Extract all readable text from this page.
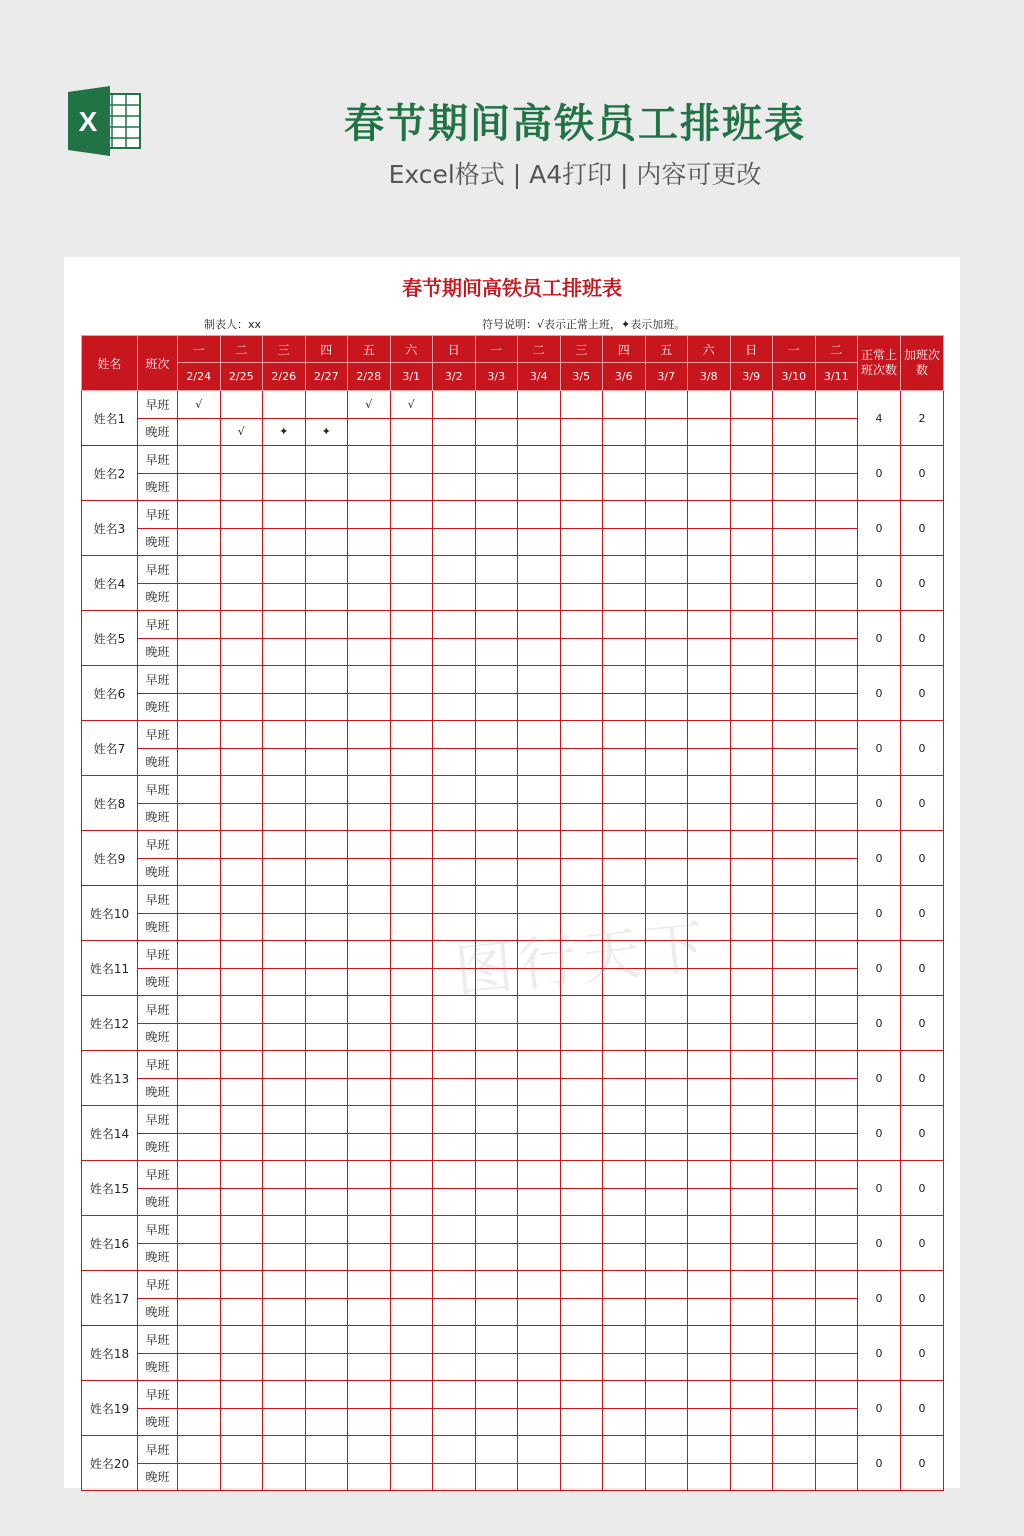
X	春节期间高铁员工排班表
Excel格式 | A4打印 | 内容可更改
春节期间高铁员工排班表
制表人：xx	符号说明：√表示正常上班，✦表示加班。
姓名	班次	一	二	三	四	五	六	日	一	二	三	四	五	六	日	一	二	正常上班次数	加班次数
		2/24	2/25	2/26	2/27	2/28	3/1	3/2	3/3	3/4	3/5	3/6	3/7	3/8	3/9	3/10	3/11		
姓名1	早班	√				√	√											4	2
	晚班		√	✦	✦														
姓名2	早班																	0	0
	晚班																		
姓名3	早班																	0	0
	晚班																		
姓名4	早班																	0	0
	晚班																		
姓名5	早班																	0	0
	晚班																		
姓名6	早班																	0	0
	晚班																		
姓名7	早班																	0	0
	晚班																		
姓名8	早班																	0	0
	晚班																		
姓名9	早班																	0	0
	晚班																		
姓名10	早班																	0	0
	晚班																		
姓名11	早班																	0	0
	晚班																		
姓名12	早班																	0	0
	晚班																		
姓名13	早班																	0	0
	晚班																		
姓名14	早班																	0	0
	晚班																		
姓名15	早班																	0	0
	晚班																		
姓名16	早班																	0	0
	晚班																		
姓名17	早班																	0	0
	晚班																		
姓名18	早班																	0	0
	晚班																		
姓名19	早班																	0	0
	晚班																		
姓名20	早班																	0	0
	晚班																		
图行天下
